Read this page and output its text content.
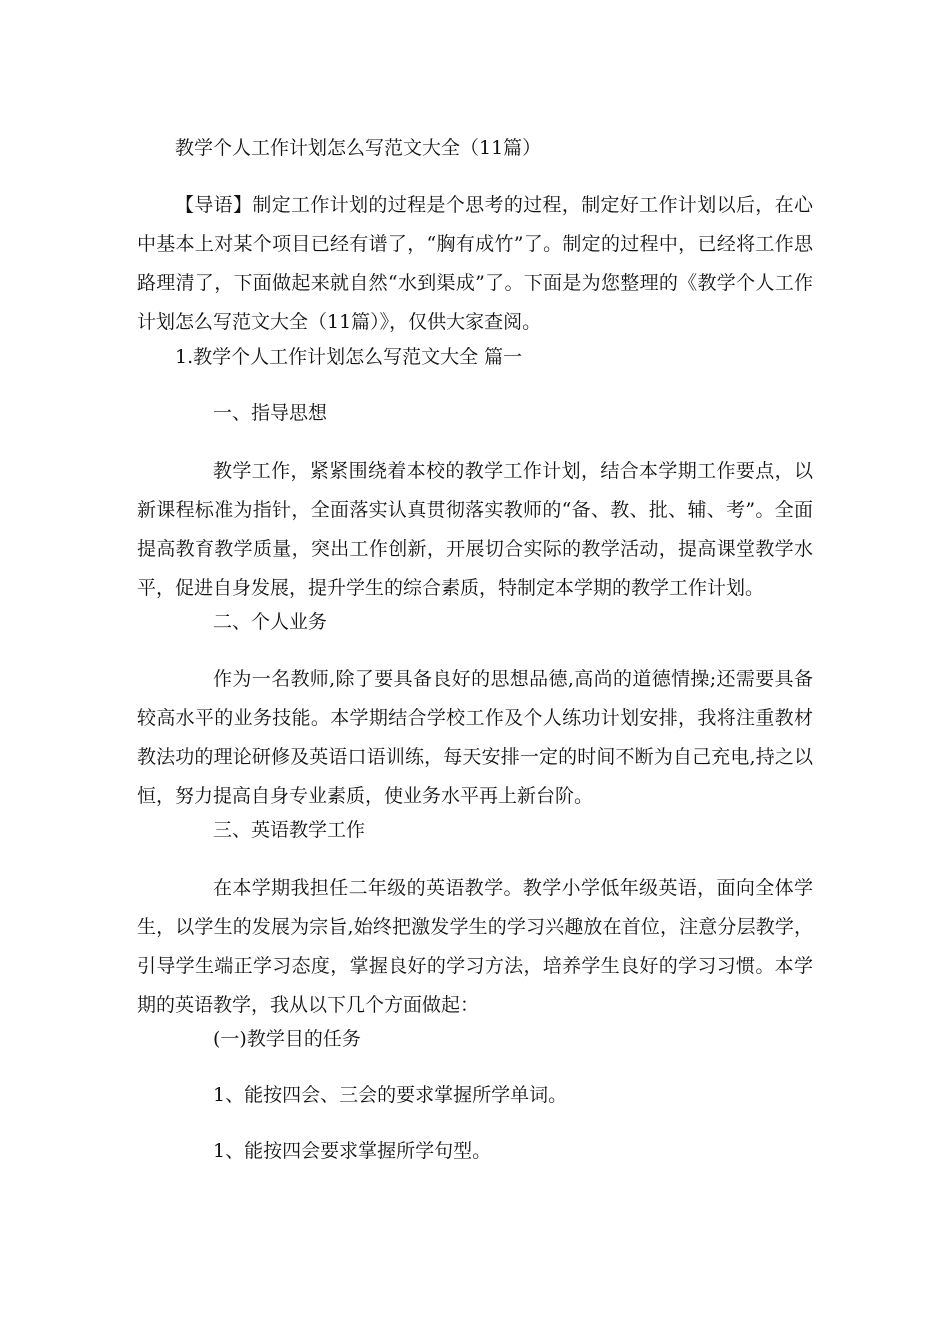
教学个人工作计划怎么写范文大全（11篇）
【导语】制定工作计划的过程是个思考的过程，制定好工作计划以后，在心中基本上对某个项目已经有谱了，“胸有成竹”了。制定的过程中，已经将工作思路理清了，下面做起来就自然“水到渠成”了。下面是为您整理的《教学个人工作计划怎么写范文大全（11篇）》，仅供大家查阅。
1.教学个人工作计划怎么写范文大全 篇一
一、指导思想
教学工作，紧紧围绕着本校的教学工作计划，结合本学期工作要点，以新课程标准为指针，全面落实认真贯彻落实教师的“备、教、批、辅、考”。全面提高教育教学质量，突出工作创新，开展切合实际的教学活动，提高课堂教学水平，促进自身发展，提升学生的综合素质，特制定本学期的教学工作计划。
二、个人业务
作为一名教师,除了要具备良好的思想品德,高尚的道德情操;还需要具备较高水平的业务技能。本学期结合学校工作及个人练功计划安排，我将注重教材教法功的理论研修及英语口语训练，每天安排一定的时间不断为自己充电,持之以恒，努力提高自身专业素质，使业务水平再上新台阶。
三、英语教学工作
在本学期我担任二年级的英语教学。教学小学低年级英语，面向全体学生，以学生的发展为宗旨,始终把激发学生的学习兴趣放在首位，注意分层教学，引导学生端正学习态度，掌握良好的学习方法，培养学生良好的学习习惯。本学期的英语教学，我从以下几个方面做起：
(一)教学目的任务
1、能按四会、三会的要求掌握所学单词。
1、能按四会要求掌握所学句型。
